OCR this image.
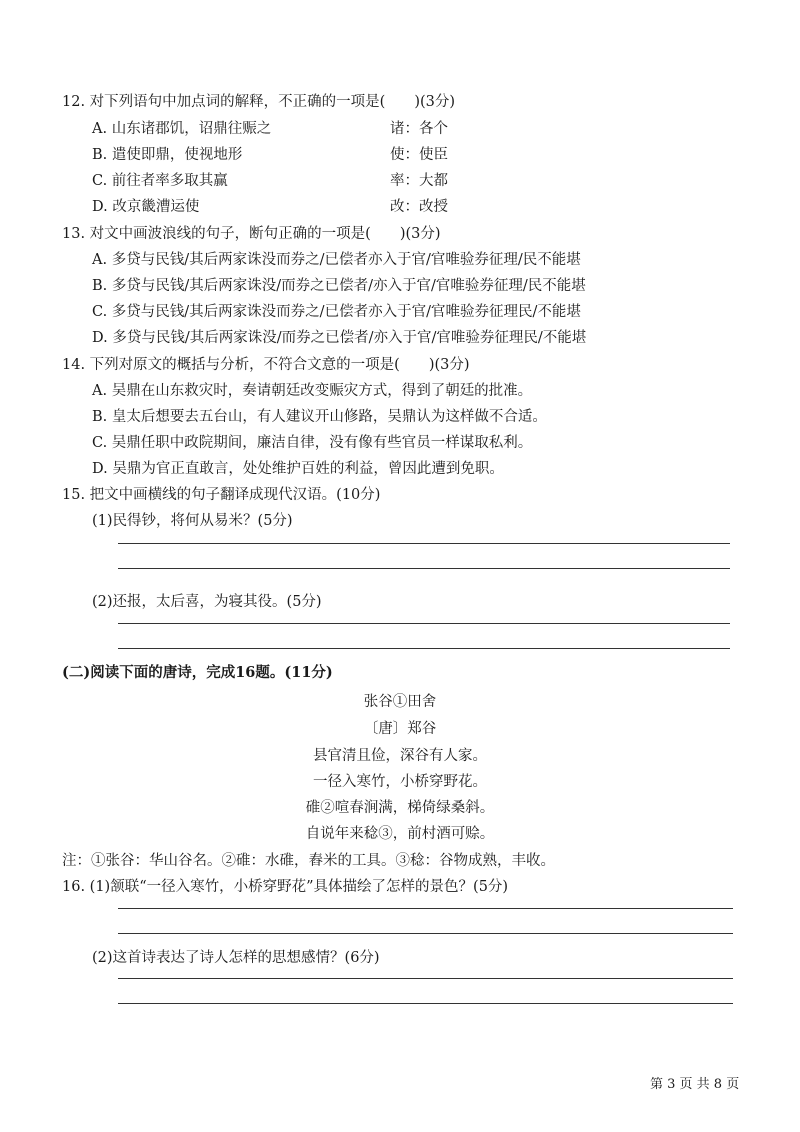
12. 对下列语句中加点词的解释，不正确的一项是(　　)(3分)
A. 山东诸郡饥，诏鼎往赈之	诸：各个
B. 遣使即鼎，使视地形	使：使臣
C. 前往者率多取其赢	率：大都
D. 改京畿漕运使	改：改授
13. 对文中画波浪线的句子，断句正确的一项是(　　)(3分)
A. 多贷与民钱/其后两家诛没而券之/已偿者亦入于官/官唯验券征理/民不能堪
B. 多贷与民钱/其后两家诛没/而券之已偿者/亦入于官/官唯验券征理/民不能堪
C. 多贷与民钱/其后两家诛没而券之/已偿者亦入于官/官唯验券征理民/不能堪
D. 多贷与民钱/其后两家诛没/而券之已偿者/亦入于官/官唯验券征理民/不能堪
14. 下列对原文的概括与分析，不符合文意的一项是(　　)(3分)
A. 吴鼎在山东救灾时，奏请朝廷改变赈灾方式，得到了朝廷的批准。
B. 皇太后想要去五台山，有人建议开山修路，吴鼎认为这样做不合适。
C. 吴鼎任职中政院期间，廉洁自律，没有像有些官员一样谋取私利。
D. 吴鼎为官正直敢言，处处维护百姓的利益，曾因此遭到免职。
15. 把文中画横线的句子翻译成现代汉语。(10分)
(1)民得钞，将何从易米？(5分)
(2)还报，太后喜，为寝其役。(5分)
(二)阅读下面的唐诗，完成16题。(11分)
张谷①田舍
〔唐〕郑谷
县官清且俭，深谷有人家。
一径入寒竹，小桥穿野花。
碓②喧春涧满，梯倚绿桑斜。
自说年来稔③，前村酒可赊。
注：①张谷：华山谷名。②碓：水碓，舂米的工具。③稔：谷物成熟，丰收。
16. (1)颔联“一径入寒竹，小桥穿野花”具体描绘了怎样的景色？(5分)
(2)这首诗表达了诗人怎样的思想感情？(6分)
第 3 页 共 8 页
